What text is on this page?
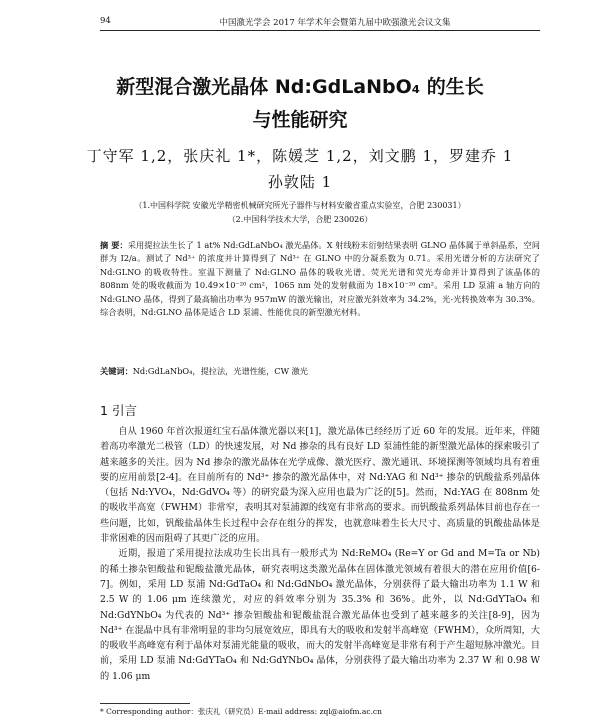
94	中国激光学会 2017 年学术年会暨第九届中欧强激光会议文集
新型混合激光晶体 Nd:GdLaNbO₄ 的生长
与性能研究
丁守军 1,2，张庆礼 1*，陈媛芝 1,2，刘文鹏 1，罗建乔 1
孙敦陆 1
（1.中国科学院 安徽光学精密机械研究所光子器件与材料安徽省重点实验室，合肥 230031）
（2.中国科学技术大学，合肥 230026）
摘 要：采用提拉法生长了 1 at% Nd:GdLaNbO₄ 激光晶体。X 射线粉末衍射结果表明 GLNO 晶体属于单斜晶系，空间群为 I2/a。测试了 Nd³⁺ 的浓度并计算得到了 Nd³⁺ 在 GLNO 中的分凝系数为 0.71。采用光谱分析的方法研究了 Nd:GLNO 的吸收特性。室温下测量了 Nd:GLNO 晶体的吸收光谱、荧光光谱和荧光寿命并计算得到了该晶体的 808nm 处的吸收截面为 10.49×10⁻²⁰ cm²，1065 nm 处的发射截面为 18×10⁻²⁰ cm²。采用 LD 泵浦 a 轴方向的 Nd:GLNO 晶体，得到了最高输出功率为 957mW 的激光输出，对应激光斜效率为 34.2%，光-光转换效率为 30.3%。综合表明，Nd:GLNO 晶体是适合 LD 泵浦、性能优良的新型激光材料。
关键词：Nd:GdLaNbO₄，提拉法，光谱性能，CW 激光
1 引言

自从 1960 年首次报道红宝石晶体激光器以来[1]，激光晶体已经经历了近 60 年的发展。近年来，伴随着高功率激光二极管（LD）的快速发展，对 Nd 掺杂的具有良好 LD 泵浦性能的新型激光晶体的探索吸引了越来越多的关注。因为 Nd 掺杂的激光晶体在光学成像、激光医疗、激光通讯、环境探测等领域均具有着重要的应用前景[2-4]。在目前所有的 Nd³⁺ 掺杂的激光晶体中，对 Nd:YAG 和 Nd³⁺ 掺杂的钒酸盐系列晶体（包括 Nd:YVO₄，Nd:GdVO₄ 等）的研究最为深入应用也最为广泛的[5]。然而，Nd:YAG 在 808nm 处的吸收半高宽（FWHM）非常窄，表明其对泵浦源的线宽有非常高的要求。而钒酸盐系列晶体目前也存在一些问题，比如，钒酸盐晶体生长过程中会存在组分的挥发，也就意味着生长大尺寸、高质量的钒酸盐晶体是非常困难的因而阻碍了其更广泛的应用。

近期，报道了采用提拉法成功生长出具有一般形式为 Nd:ReMO₄ (Re=Y or Gd and M=Ta or Nb) 的稀土掺杂钽酸盐和铌酸盐激光晶体，研究表明这类激光晶体在固体激光领域有着很大的潜在应用价值[6-7]。例如，采用 LD 泵浦 Nd:GdTaO₄ 和 Nd:GdNbO₄ 激光晶体，分别获得了最大输出功率为 1.1 W 和 2.5 W 的 1.06 μm 连续激光，对应的斜效率分别为 35.3% 和 36%。此外，以 Nd:GdYTaO₄ 和 Nd:GdYNbO₄ 为代表的 Nd³⁺ 掺杂钽酸盐和铌酸盐混合激光晶体也受到了越来越多的关注[8-9]，因为 Nd³⁺ 在混晶中具有非常明显的非均匀展宽效应，即具有大的吸收和发射半高峰宽（FWHM），众所周知，大的吸收半高峰宽有利于晶体对泵浦光能量的吸收，而大的发射半高峰宽是非常有利于产生超短脉冲激光。目前，采用 LD 泵浦 Nd:GdYTaO₄ 和 Nd:GdYNbO₄ 晶体，分别获得了最大输出功率为 2.37 W 和 0.98 W 的 1.06 μm

* Corresponding author：张庆礼（研究员）E-mail address: zql@aiofm.ac.cn
